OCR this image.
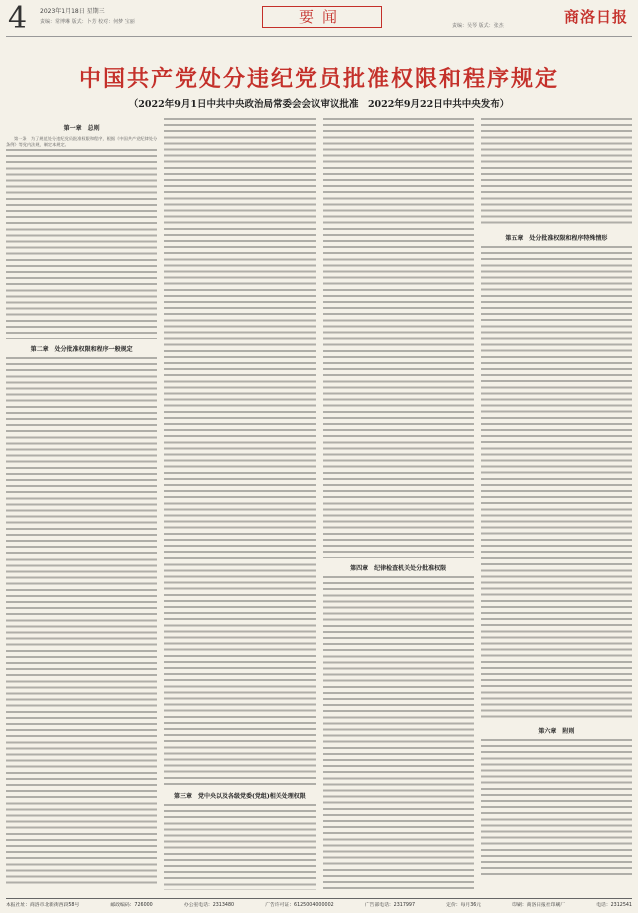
4 2023年1月18日 星期三
责编：常博琳 版式：卜芳 校对：何梦 宝丽	要闻	责编：吴琴 版式：张杰	商洛日报
中国共产党处分违纪党员批准权限和程序规定
（2022年9月1日中共中央政治局常委会会议审议批准　2022年9月22日中共中央发布）
第一章　总则

第一条　为了规范处分违纪党员批准权限和程序，根据《中国共产党纪律处分条例》等党内法规，制定本规定。

第二章　处分批准权限和程序一般规定
第三章　党中央以及各级党委(党组)相关处理权限
第四章　纪律检查机关处分批准权限
第五章　处分批准权限和程序特殊情形
第六章　附则
本报社址：商洛市北新街西段58号	邮政编码：726000	办公室电话：2313480	广告许可证：6125004000002	广告部电话：2317997	定价：每月36元	印刷：商洛日报社印刷厂	电话：2312541
